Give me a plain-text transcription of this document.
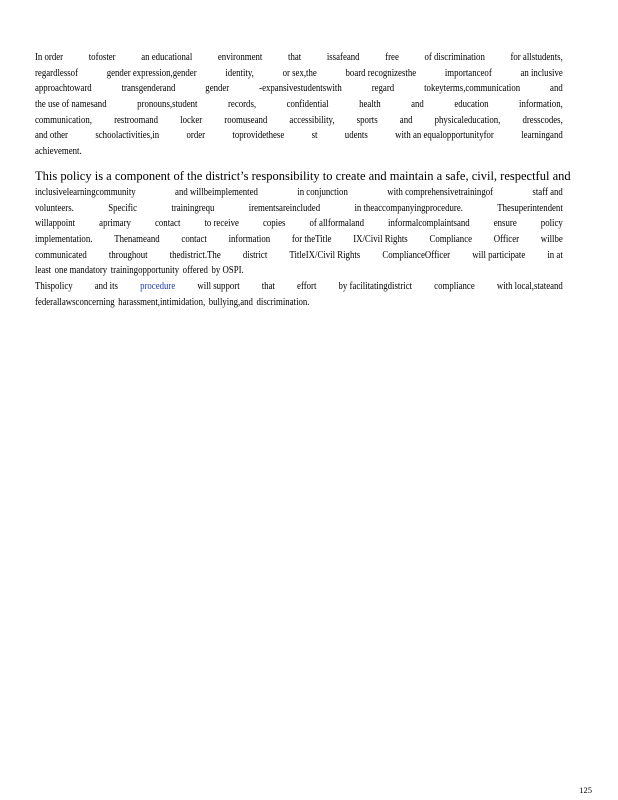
In order	tofoster	an educational	environment	that	issafeand	free	of discrimination	for allstudents,
regardlessof	gender expression,gender	identity,	or sex,the	board recognizesthe	importanceof	an inclusive
approachtoward	transgenderand	gender	-expansivestudentswith	regard	tokeyterms,communication	and
the use of namesand	pronouns,student	records,	confidential	health	and	education	information,
communication, restroomand locker roomuseand accessibility, sports and physicaleducation, dresscodes,
and other	schoolactivities,in	order	toprovidethese	st	udents	with an equalopportunityfor	learningand
achievement.
This policy is a component of the district’s responsibility to create and maintain a safe, civil, respectful and
inclusivelearningcommunity	and willbeimplemented	in conjunction	with comprehensivetrainingof	staff and
volunteers.	Specific	trainingrequ	irementsareincluded	in theaccompanyingprocedure.	Thesuperintendent
willappoint aprimary contact to receive copies of allformaland informalcomplaintsand ensure policy
implementation. Thenameand contact information for theTitle IX/Civil Rights Compliance Officer willbe
communicated throughout thedistrict.The district TitleIX/Civil Rights ComplianceOfficer will participate in at
least one mandatory trainingopportunity offered by OSPI.
Thispolicy and its procedure will support that effort by facilitatingdistrict compliance with local,stateand
federallawsconcerning harassment,intimidation, bullying,and discrimination.
125
